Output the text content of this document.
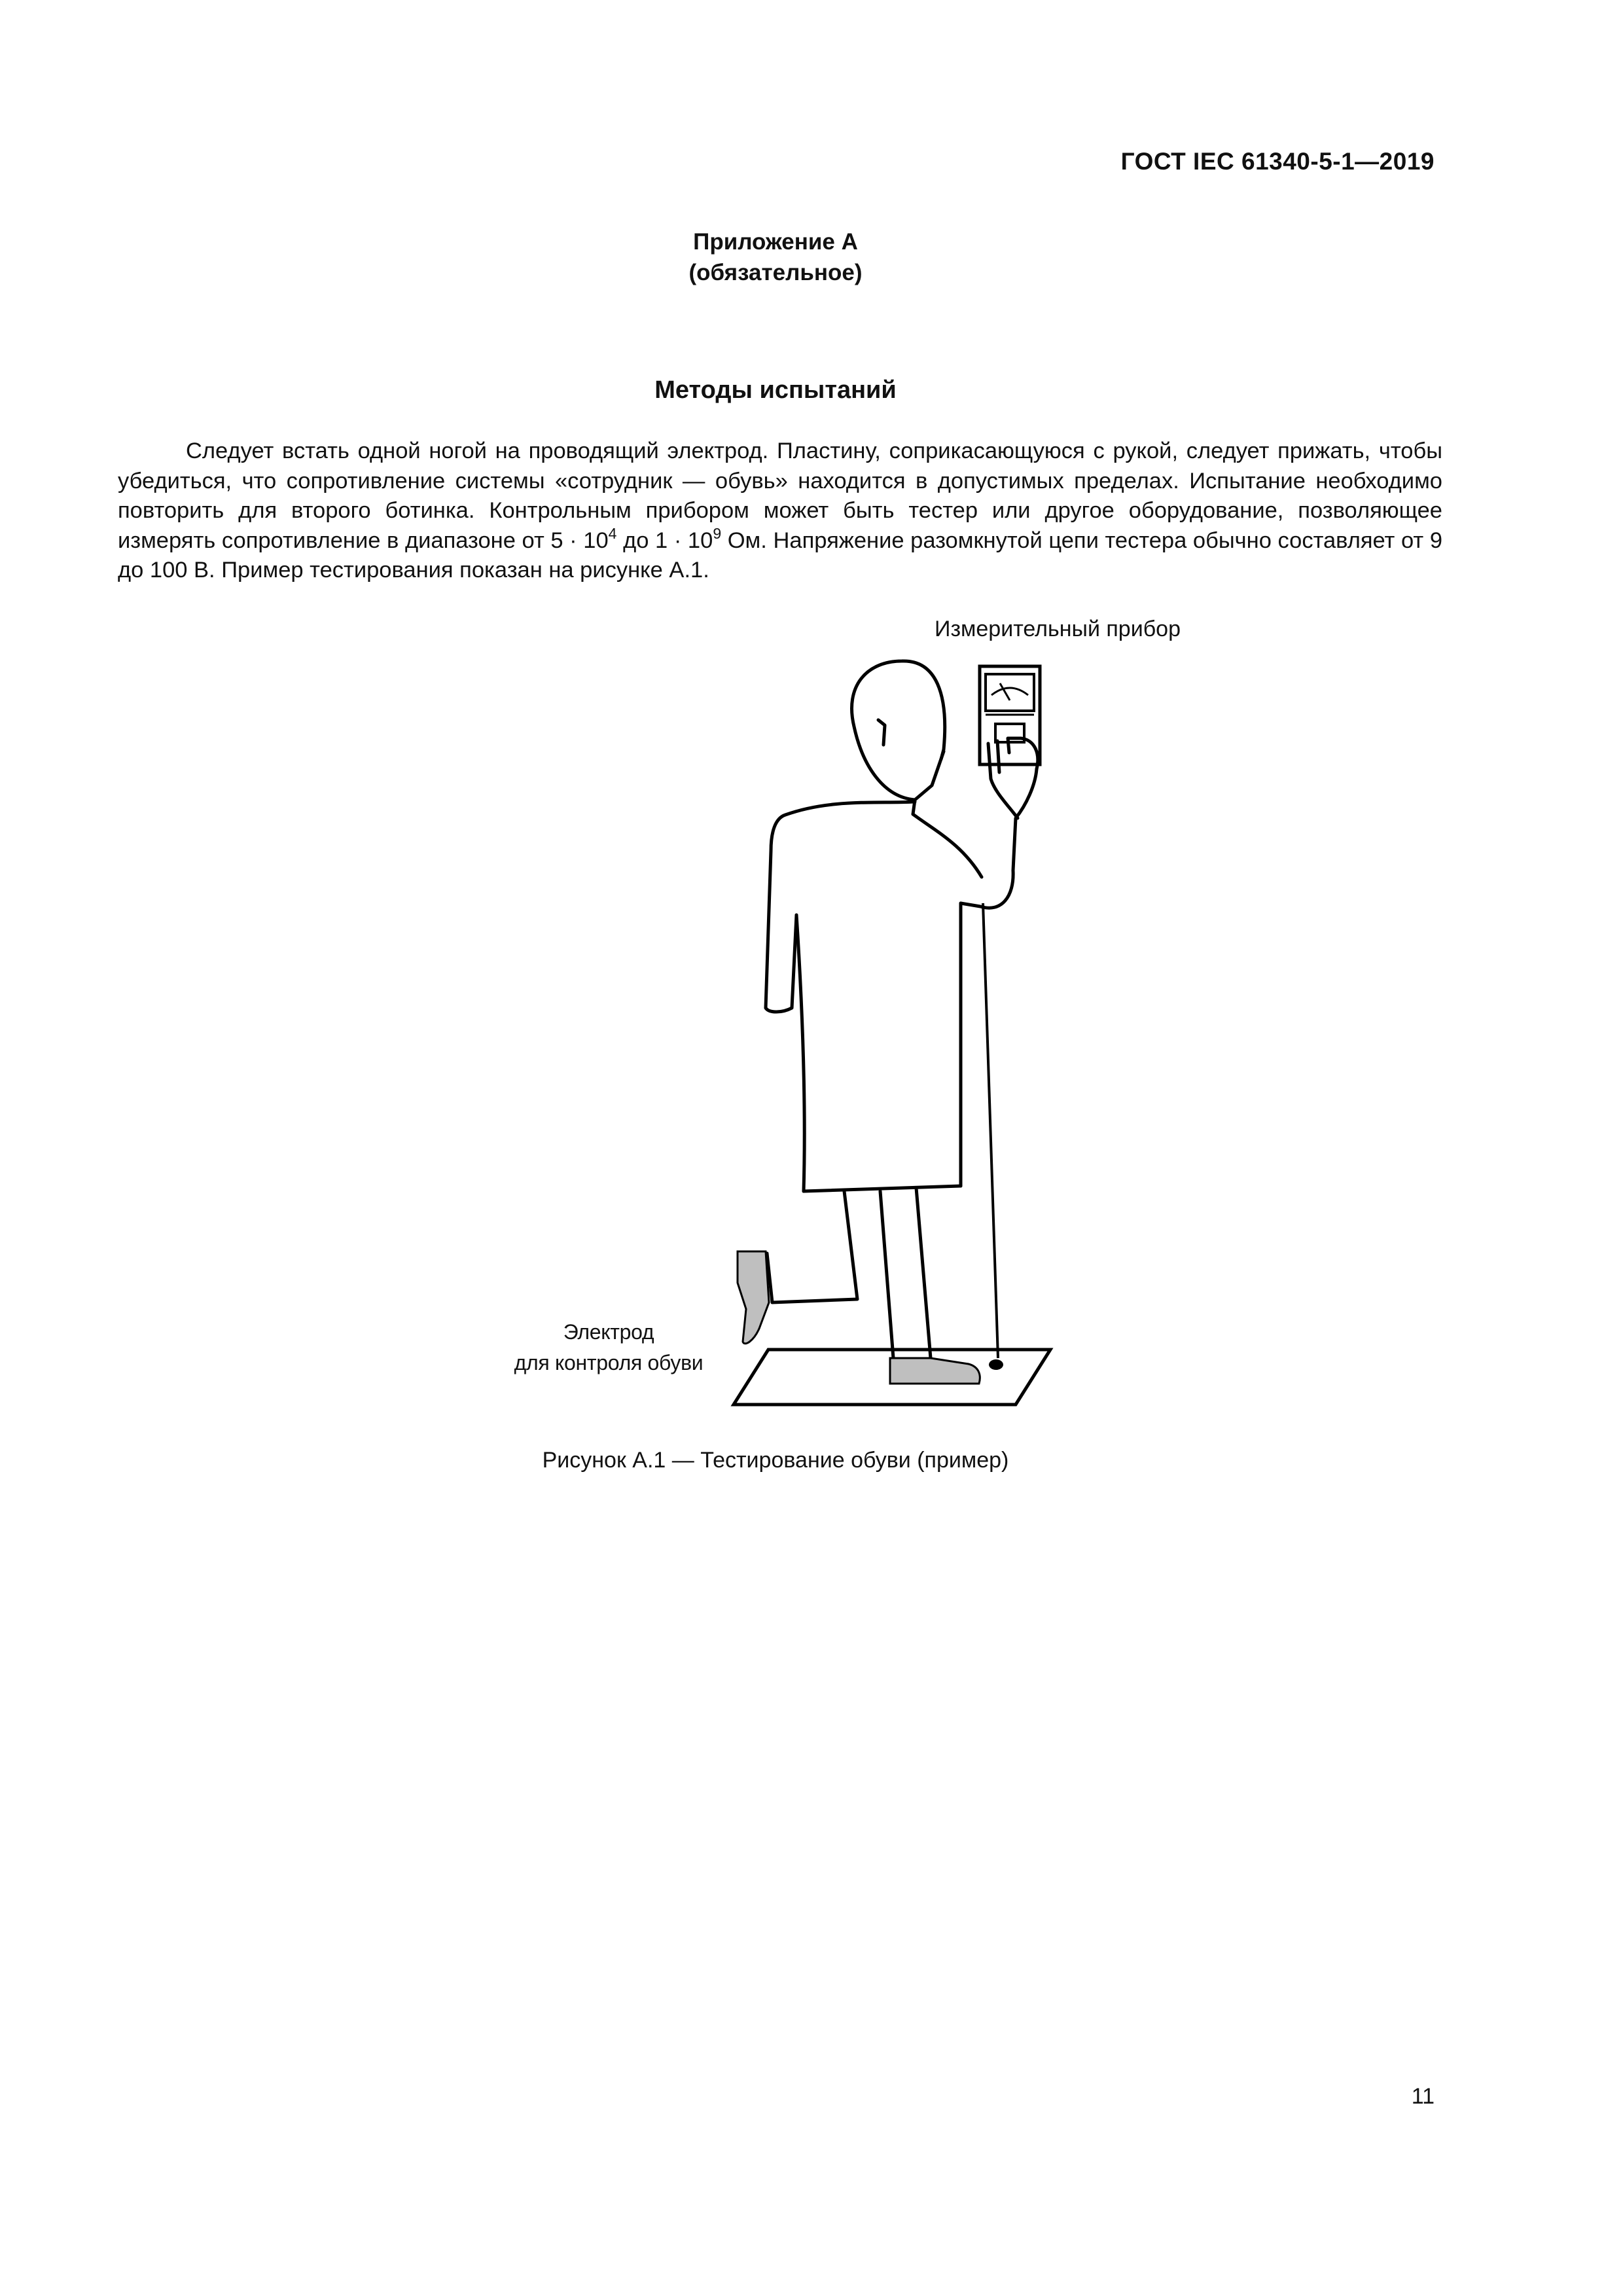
ГОСТ IEC 61340-5-1—2019
Приложение А
(обязательное)
Методы испытаний

Следует встать одной ногой на проводящий электрод. Пластину, соприкасающуюся с рукой, следует прижать, чтобы убедиться, что сопротивление системы «сотрудник — обувь» находится в допустимых пределах. Испытание необходимо повторить для второго ботинка. Контрольным прибором может быть тестер или другое оборудование, позволяющее измерять сопротивление в диапазоне от $5 \cdot 10^4$ до $1 \cdot 10^9$ Ом. Напряжение разомкнутой цепи тестера обычно составляет от 9 до 100 В. Пример тестирования показан на рисунке А.1.

Измерительный прибор
Электрод
для контроля обуви
Рисунок А.1 — Тестирование обуви (пример)
11
